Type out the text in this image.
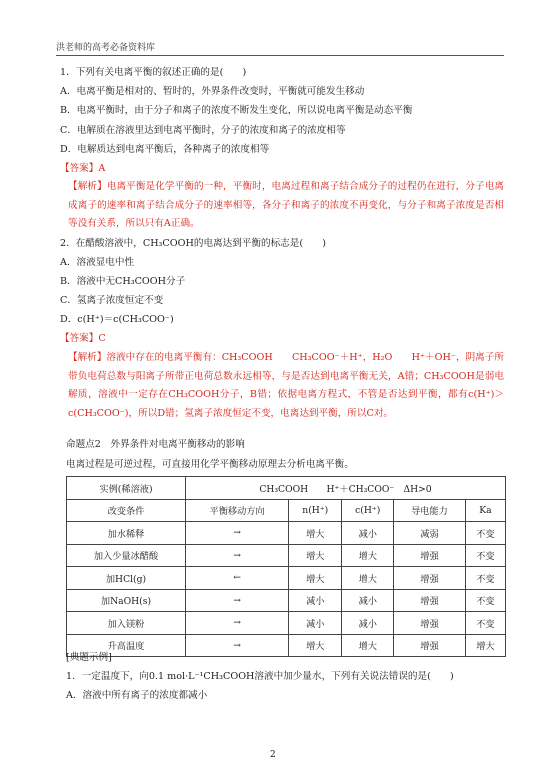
洪老师的高考必备资料库
1．下列有关电离平衡的叙述正确的是(　　)
A．电离平衡是相对的、暂时的，外界条件改变时，平衡就可能发生移动
B．电离平衡时，由于分子和离子的浓度不断发生变化，所以说电离平衡是动态平衡
C．电解质在溶液里达到电离平衡时，分子的浓度和离子的浓度相等
D．电解质达到电离平衡后，各种离子的浓度相等
【答案】A
【解析】电离平衡是化学平衡的一种，平衡时，电离过程和离子结合成分子的过程仍在进行，分子电离成离子的速率和离子结合成分子的速率相等，各分子和离子的浓度不再变化，与分子和离子浓度是否相等没有关系，所以只有A正确。
2．在醋酸溶液中，CH₃COOH的电离达到平衡的标志是(　　)
A．溶液显电中性
B．溶液中无CH₃COOH分子
C．氢离子浓度恒定不变
D．c(H⁺)＝c(CH₃COO⁻)
【答案】C
【解析】溶液中存在的电离平衡有：CH₃COOH　　CH₃COO⁻＋H⁺，H₂O　　H⁺＋OH⁻，阴离子所带负电荷总数与阳离子所带正电荷总数永远相等，与是否达到电离平衡无关，A错；CH₃COOH是弱电解质，溶液中一定存在CH₃COOH分子，B错；依据电离方程式，不管是否达到平衡，都有c(H⁺)＞c(CH₃COO⁻)，所以D错；氢离子浓度恒定不变，电离达到平衡，所以C对。
命题点2　外界条件对电离平衡移动的影响
电离过程是可逆过程，可直接用化学平衡移动原理去分析电离平衡。
实例(稀溶液)	CH₃COOH　　H⁺＋CH₃COO⁻　ΔH>0				
改变条件	平衡移动方向	n(H⁺)	c(H⁺)	导电能力	Ka
加水稀释	→	增大	减小	减弱	不变
加入少量冰醋酸	→	增大	增大	增强	不变
加HCl(g)	←	增大	增大	增强	不变
加NaOH(s)	→	减小	减小	增强	不变
加入镁粉	→	减小	减小	增强	不变
升高温度	→	增大	增大	增强	增大
[典题示例]
1．一定温度下，向0.1 mol·L⁻¹CH₃COOH溶液中加少量水，下列有关说法错误的是(　　)
A．溶液中所有离子的浓度都减小
2
